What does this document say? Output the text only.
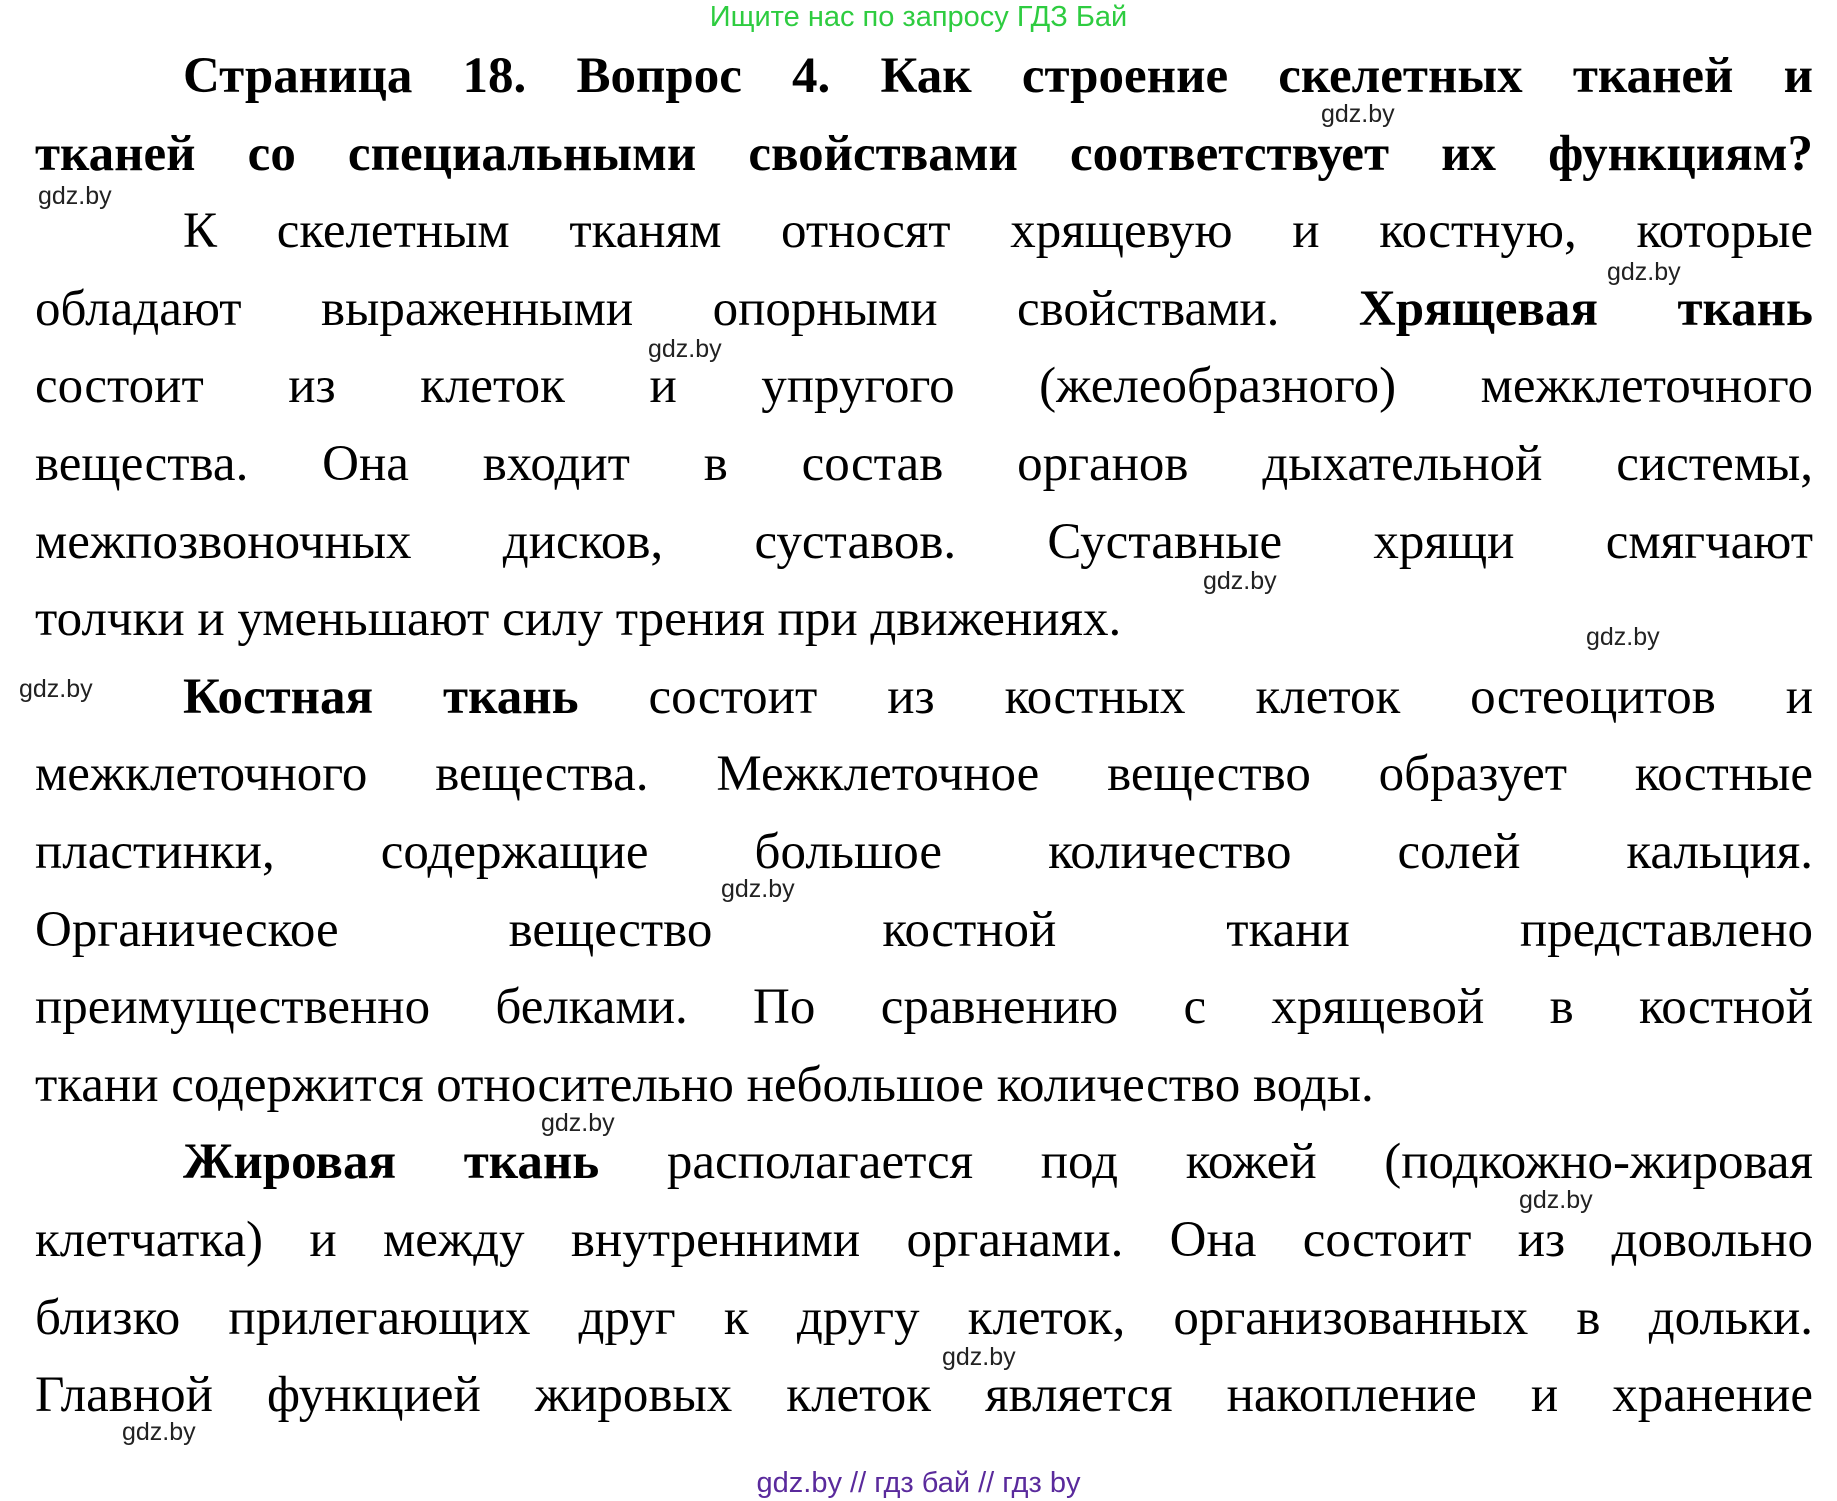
Ищите нас по запросу ГДЗ Бай
Страница 18. Вопрос 4. Как строение скелетных тканей и
тканей со специальными свойствами соответствует их функциям?
К скелетным тканям относят хрящевую и костную, которые
обладают выраженными опорными свойствами. Хрящевая ткань
состоит из клеток и упругого (желеобразного) межклеточного
вещества. Она входит в состав органов дыхательной системы,
межпозвоночных дисков, суставов. Суставные хрящи смягчают
толчки и уменьшают силу трения при движениях.
Костная ткань состоит из костных клеток остеоцитов и
межклеточного вещества. Межклеточное вещество образует костные
пластинки, содержащие большое количество солей кальция.
Органическое вещество костной ткани представлено
преимущественно белками. По сравнению с хрящевой в костной
ткани содержится относительно небольшое количество воды.
Жировая ткань располагается под кожей (подкожно-жировая
клетчатка) и между внутренними органами. Она состоит из довольно
близко прилегающих друг к другу клеток, организованных в дольки.
Главной функцией жировых клеток является накопление и хранение
gdz.by
gdz.by
gdz.by
gdz.by
gdz.by
gdz.by
gdz.by
gdz.by
gdz.by
gdz.by
gdz.by
gdz.by
gdz.by // гдз бай // гдз by
